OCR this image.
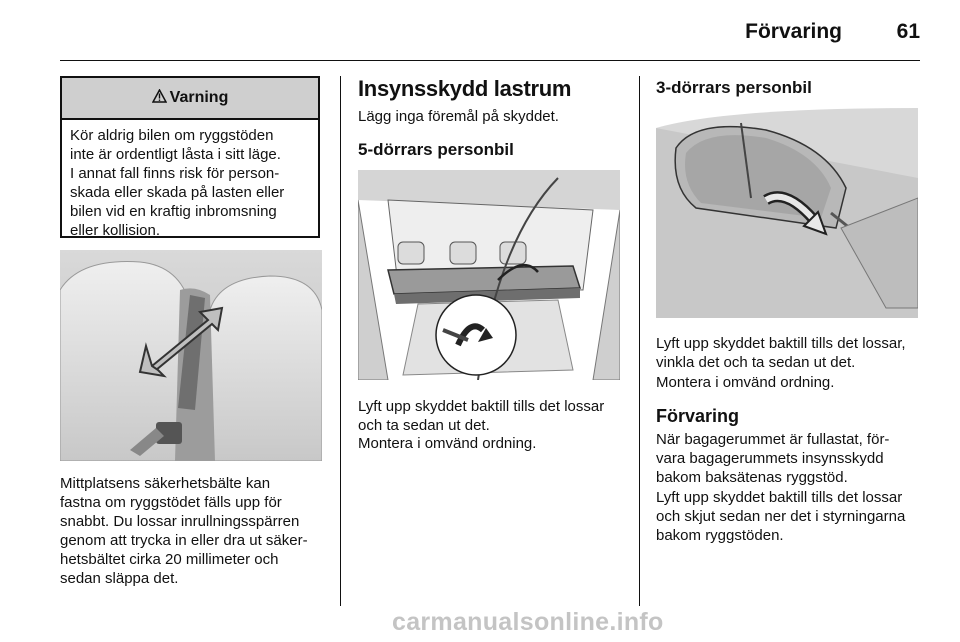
Förvaring	61
Varning
Kör aldrig bilen om ryggstöden
inte är ordentligt låsta i sitt läge.
I annat fall finns risk för person-
skada eller skada på lasten eller
bilen vid en kraftig inbromsning
eller kollision.
Mittplatsens säkerhetsbälte kan
fastna om ryggstödet fälls upp för
snabbt. Du lossar inrullningsspärren
genom att trycka in eller dra ut säker-
hetsbältet cirka 20 millimeter och
sedan släppa det.
Insynsskydd lastrum
Lägg inga föremål på skyddet.
5-dörrars personbil
Lyft upp skyddet baktill tills det lossar
och ta sedan ut det.
Montera i omvänd ordning.
3-dörrars personbil
Lyft upp skyddet baktill tills det lossar,
vinkla det och ta sedan ut det.
Montera i omvänd ordning.
Förvaring
När bagagerummet är fullastat, för-
vara bagagerummets insynsskydd
bakom baksätenas ryggstöd.
Lyft upp skyddet baktill tills det lossar
och skjut sedan ner det i styrningarna
bakom ryggstöden.
carmanualsonline.info
